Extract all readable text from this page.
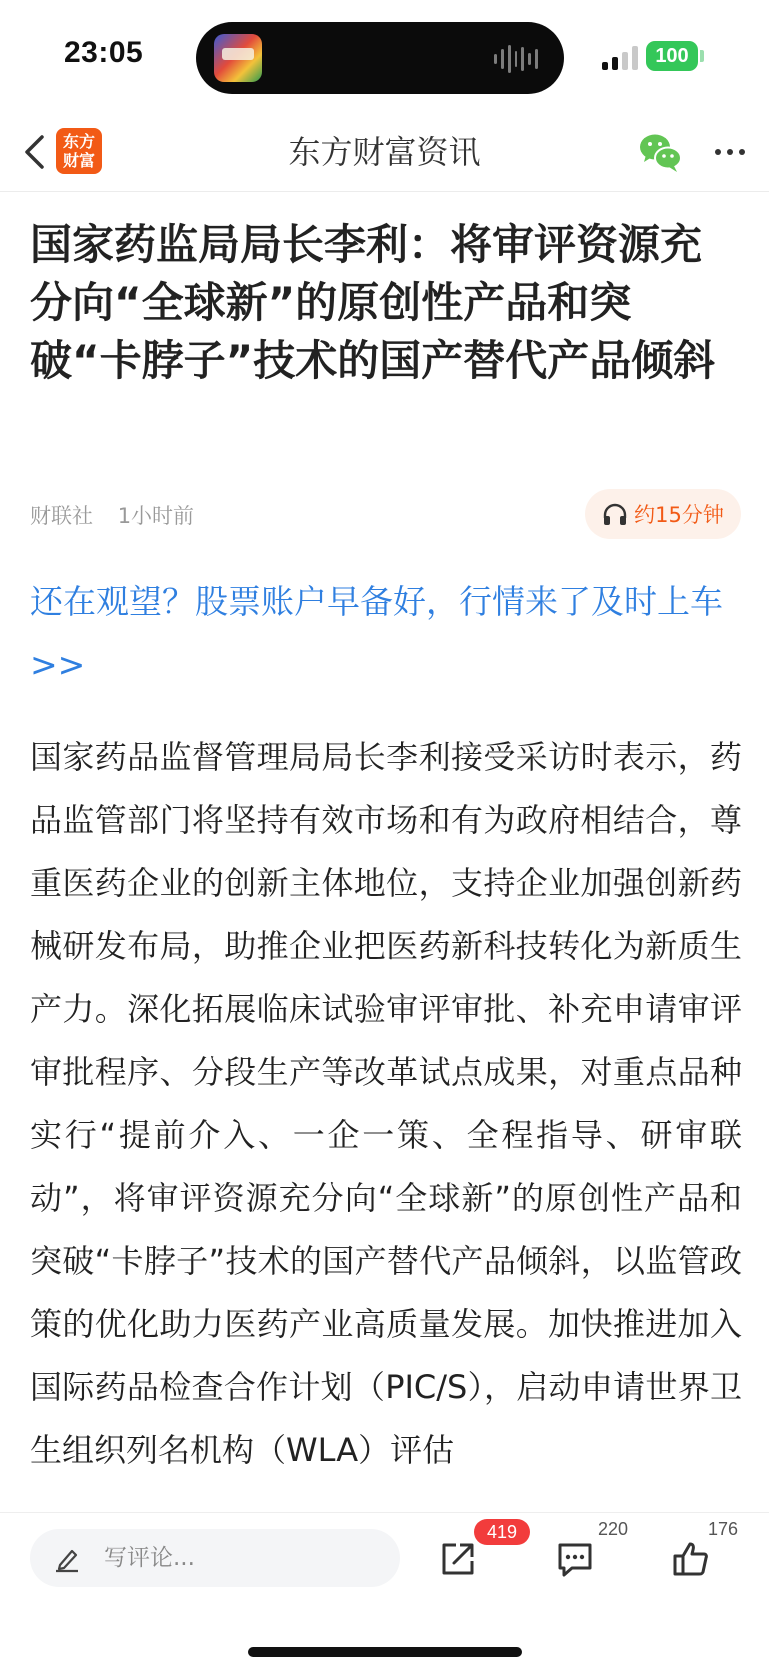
23:05	100
东方财富资讯
东方
财富
国家药监局局长李利：将审评资源充分向“全球新”的原创性产品和突破“卡脖子”技术的国产替代产品倾斜
财联社 1小时前	约15分钟
还在观望？股票账户早备好，行情来了及时上车>>

国家药品监督管理局局长李利接受采访时表示，药品监管部门将坚持有效市场和有为政府相结合，尊重医药企业的创新主体地位，支持企业加强创新药械研发布局，助推企业把医药新科技转化为新质生产力。深化拓展临床试验审评审批、补充申请审评审批程序、分段生产等改革试点成果，对重点品种实行“提前介入、一企一策、全程指导、研审联动”，将审评资源充分向“全球新”的原创性产品和突破“卡脖子”技术的国产替代产品倾斜，以监管政策的优化助力医药产业高质量发展。加快推进加入国际药品检查合作计划（PIC/S），启动申请世界卫生组织列名机构（WLA）评估

写评论...
419	220	176
